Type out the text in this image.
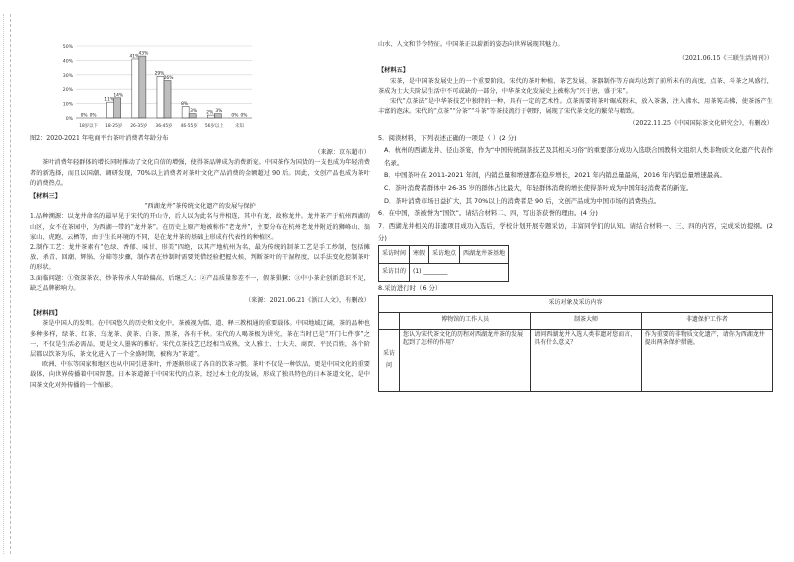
0%
10%
20%
30%
40%
50%
0% 0%
18岁以下
11%
14%
18-25岁
41%
43%
26-35岁
29%
26%
36-45岁
8%
3%
46-55岁
2% 3%
56岁以上
0% 0%
未知

图2：2020-2021 年电商平台茶叶消费者年龄分布

（来源：京东超市）

茶叶消费年轻群体的增长同时推动了文化自信的增强，使得茶品牌成为消费新宠。中国茶作为国货的一支也成为年轻消费者的新选择，而且以国潮、调研发现，70%以上消费者对茶叶文化产品消费的金额超过 90 后。因此，文创产品也成为茶叶的消费热点。

【材料三】

“西湖龙井”茶传统文化遗产的发展与保护

1.品种溯源：以龙井命名的最早见于宋代的开山寺，后人以为此名与井相连，其中有龙，故称龙井。龙井茶产于杭州西湖的山区，女不在茶园中，为西湖一带的“龙井茶”。在历史上原产地被称作“老龙井”，主要分布在杭州老龙井附近的狮峰山、翁家山、虎跑、云栖等，由于生长环境的不同，是在龙井茶的基础上形成有代表性的种植区。

2.制作工艺：龙井茶素有“色绿、香郁、味甘、形美”四绝，以其产地杭州为名，最为传统的制茶工艺是手工炒制，包括摊放、杀青、回潮、辉锅、分筛等步骤，制作者在炒制时需要凭借经验把握火候，判断茶叶的干湿程度，以手法变化控制茶叶的形状。

3.面临问题：①资深茶农、炒茶传承人年龄偏高，后继乏人；②产品质量参差不一，假茶猖獗；③中小茶企创新意识不足，缺乏品牌影响力。

（来源：2021.06.21《浙江人文》，有删改）

【材料四】

茶是中国人的发明。在中国悠久的历史和文化中，茶被视为儒、道、释三教相通的重要载体。中国地域辽阔，茶的品种也多种多样，绿茶、红茶、乌龙茶、黄茶、白茶、黑茶，各有千秋。宋代的人喝茶极为讲究，茶在当时已是“开门七件事”之一，不仅是生活必需品，更是文人墨客的雅好。宋代点茶技艺已经相当成熟，文人雅士、士大夫、商贾、平民百姓，各个阶层都以饮茶为乐，茶文化进入了一个全盛时期，被称为“茶道”。

欧洲、中东等国家和地区也从中国引进茶叶，并逐渐形成了各自的饮茶习惯。茶叶不仅是一种饮品，更是中国文化的重要载体，向世界传播着中国智慧。日本茶道源于中国宋代的点茶，经过本土化的发展，形成了独具特色的日本茶道文化，是中国茶文化对外传播的一个缩影。

山水、人文和节令特征。中国茶正以崭新的姿态向世界展现其魅力。

（2021.06.15《三联生活周刊》）

【材料五】

宋茶，是中国茶发展史上的一个重要阶段。宋代的茶叶种植、茶艺发展、茶器制作等方面均达到了前所未有的高度，点茶、斗茶之风盛行，茶成为士大夫阶层生活中不可或缺的一部分，中华茶文化发展史上被称为“兴于唐，盛于宋”。

宋代“点茶法”是中华茶技艺中独特的一种，具有一定的艺术性。点茶需要将茶叶碾成粉末，放入茶盏，注入沸水，用茶筅击拂，使茶汤产生丰富的泡沫。宋代的“点茶”“分茶”“斗茶”等茶技流行于朝野，展现了宋代茶文化的繁荣与精致。

（2022.11.25《中国国际茶文化研究会》，有删改）

5．阅读材料，下列表述正确的一项是（ ）(2 分)

A．杭州的西湖龙井、径山茶宴，作为“中国传统制茶技艺及其相关习俗”的重要部分成功入选联合国教科文组织人类非物质文化遗产代表作名录。

B．中国茶叶在 2011-2021 年间，内销总量和增速都在稳步增长，2021 年内销总量最高，2016 年内销总量增速最高。

C．茶叶消费者群体中 26-35 岁的群体占比最大，年轻群体消费的增长使得茶叶成为中国年轻消费者的新宠。

D．茶叶消费市场日益扩大，其 70%以上的消费者是 90 后，文创产品成为中国市场的消费热点。

6．在中国，茶被誉为“国饮”。请结合材料二、四，写出茶获誉的理由。(4 分)

7．西湖龙井相关的非遗项目成功入选后，学校计划开展专题采访，丰富同学们的认知。请结合材料一、三、四的内容，完成采访提纲。(2 分)

采访时间	寒假	采访地点	西湖龙井茶基地
采访目的	(1) ________		

8.采访进行时（6 分）

采访对象及采访内容			
	博物馆的工作人员	制茶大师	非遗保护工作者
采访问	您认为宋代茶文化的历程对西湖龙井茶的发展起到了怎样的作用？	请问西湖龙井入选人类非遗对您而言，具有什么意义？	作为重要的非物质文化遗产，请你为西湖龙井提出两条保护措施。
